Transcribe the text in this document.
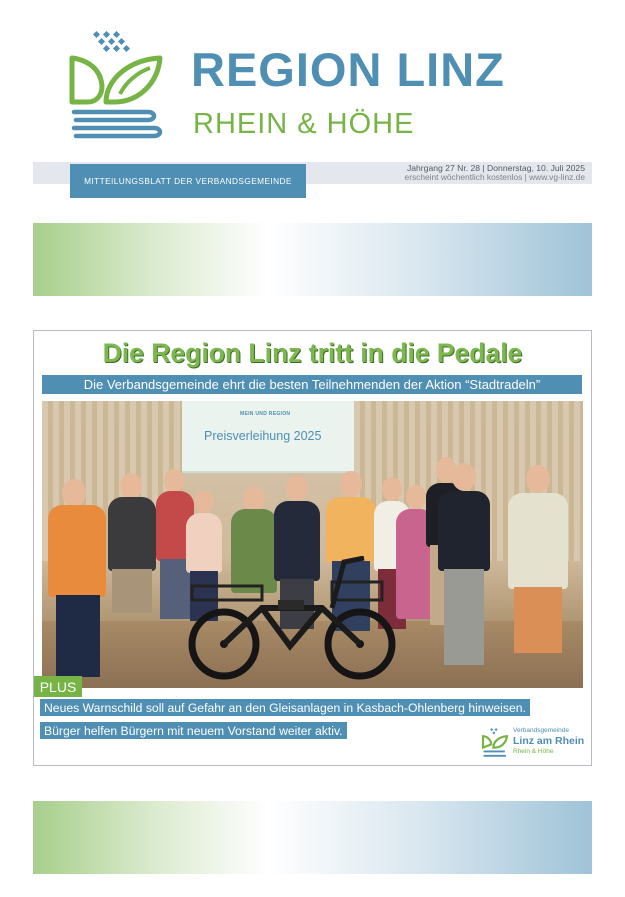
REGION LINZ
RHEIN & HÖHE
MITTEILUNGSBLATT DER VERBANDSGEMEINDE
Jahrgang 27 Nr. 28 | Donnerstag, 10. Juli 2025
erscheint wöchentlich kostenlos | www.vg-linz.de
Die Region Linz tritt in die Pedale
Die Verbandsgemeinde ehrt die besten Teilnehmenden der Aktion “Stadtradeln”
MEIN UND REGION
Preisverleihung 2025
PLUS
Neues Warnschild soll auf Gefahr an den Gleisanlagen in Kasbach-Ohlenberg hinweisen.
Bürger helfen Bürgern mit neuem Vorstand weiter aktiv.	Verbandsgemeinde
Linz am Rhein
Rhein & Höhe
